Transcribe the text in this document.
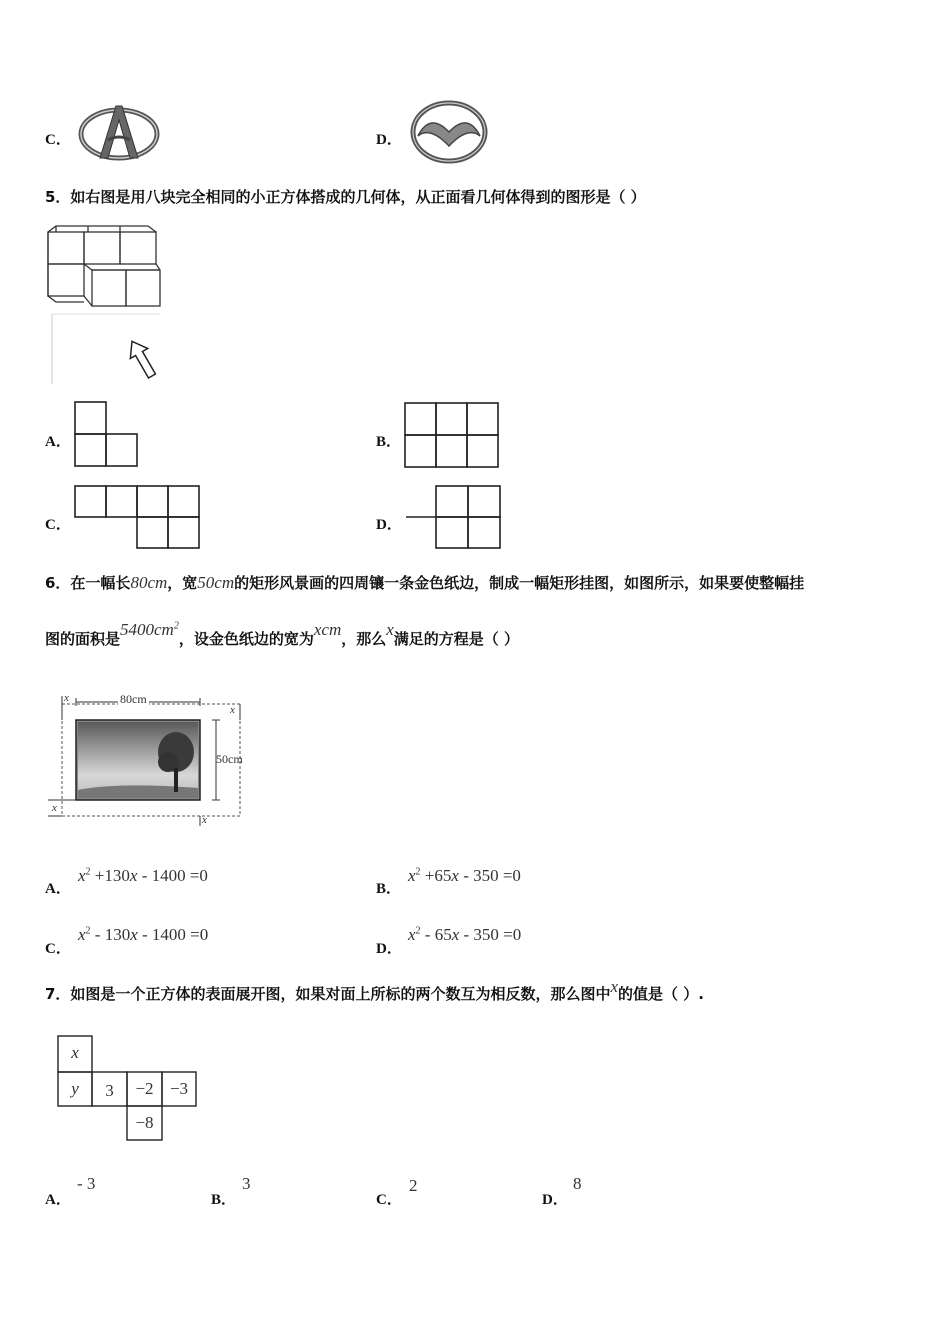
C．	D．
5．如右图是用八块完全相同的小正方体搭成的几何体，从正面看几何体得到的图形是（ ）
A．	B．
C．	D．
6．在一幅长80cm，宽50cm的矩形风景画的四周镶一条金色纸边，制成一幅矩形挂图，如图所示，如果要使整幅挂
图的面积是$5400cm^2$，设金色纸边的宽为xcm，那么x满足的方程是（ ）
80cm
50cm
x
x
x
x
A．
$x^2 +130x - 1400 =0$
B．
$x^2 +65x - 350 =0$
C．
$x^2 - 130x - 1400 =0$
D．
$x^2 - 65x - 350 =0$
7．如图是一个正方体的表面展开图，如果对面上所标的两个数互为相反数，那么图中x的值是（ ）.
x
y	3	−2 −3
−8
A．
- 3
B．
3
C．
2
D．
8
